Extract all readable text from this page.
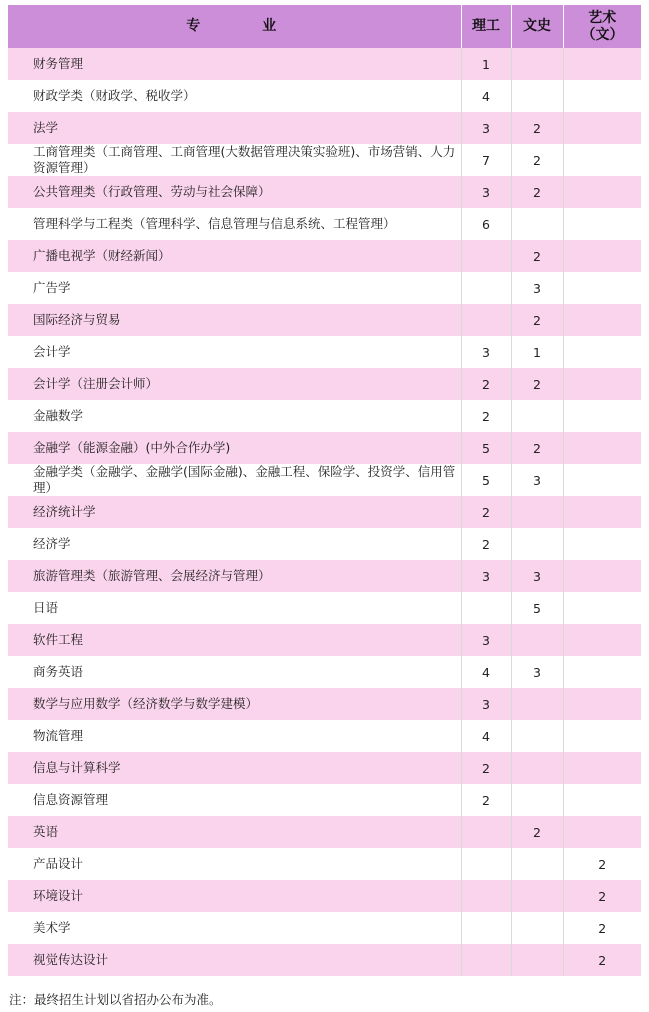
专　业	理工	文史	艺术（文）
财务管理	1		
财政学类（财政学、税收学）	4		
法学	3	2	
工商管理类（工商管理、工商管理(大数据管理决策实验班)、市场营销、人力资源管理）	7	2	
公共管理类（行政管理、劳动与社会保障）	3	2	
管理科学与工程类（管理科学、信息管理与信息系统、工程管理）	6		
广播电视学（财经新闻）		2	
广告学		3	
国际经济与贸易		2	
会计学	3	1	
会计学（注册会计师）	2	2	
金融数学	2		
金融学（能源金融）(中外合作办学)	5	2	
金融学类（金融学、金融学(国际金融)、金融工程、保险学、投资学、信用管理）	5	3	
经济统计学	2		
经济学	2		
旅游管理类（旅游管理、会展经济与管理）	3	3	
日语		5	
软件工程	3		
商务英语	4	3	
数学与应用数学（经济数学与数学建模）	3		
物流管理	4		
信息与计算科学	2		
信息资源管理	2		
英语		2	
产品设计			2
环境设计			2
美术学			2
视觉传达设计			2
注：最终招生计划以省招办公布为准。
